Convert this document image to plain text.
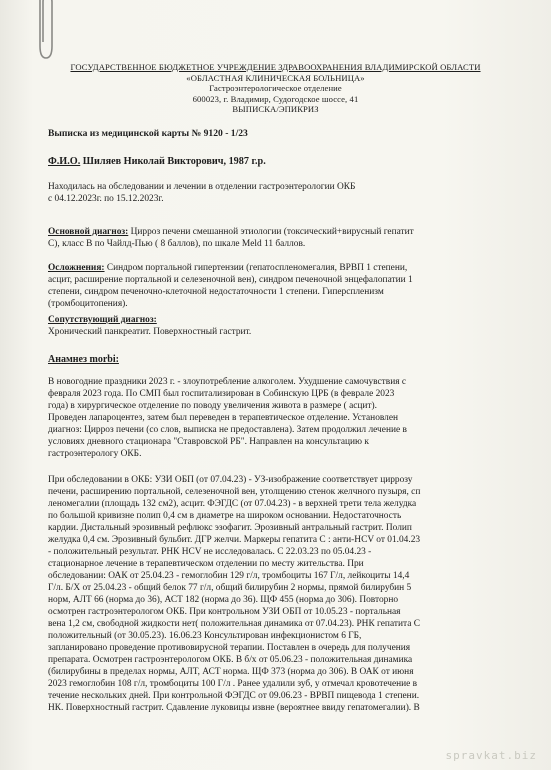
ГОСУДАРСТВЕННОЕ БЮДЖЕТНОЕ УЧРЕЖДЕНИЕ ЗДРАВООХРАНЕНИЯ ВЛАДИМИРСКОЙ ОБЛАСТИ
«ОБЛАСТНАЯ КЛИНИЧЕСКАЯ БОЛЬНИЦА»
Гастроэнтерологическое отделение
600023, г. Владимир, Судогодское шоссе, 41
ВЫПИСКА/ЭПИКРИЗ
Выписка из медицинской карты № 9120 - 1/23
Ф.И.О. Шиляев Николай Викторович, 1987 г.р.
Находилась на обследовании и лечении в отделении гастроэнтерологии ОКБ
с 04.12.2023г. по 15.12.2023г.
Основной диагноз: Цирроз печени смешанной этиологии (токсический+вирусный гепатит
С), класс В по Чайлд-Пью ( 8 баллов), по шкале Meld 11 баллов.
Осложнения: Синдром портальной гипертензии (гепатоспленомегалия, ВРВП 1 степени,
асцит, расширение портальной и селезеночной вен), синдром печеночной энцефалопатии 1
степени, синдром печеночно-клеточной недостаточности 1 степени. Гиперспленизм
(тромбоцитопения).
Сопутствующий диагноз:
Хронический панкреатит. Поверхностный гастрит.
Анамнез morbi:
В новогодние праздники 2023 г. - злоупотребление алкоголем. Ухудшение самочувствия с
февраля 2023 года. По СМП был госпитализирован в Собинскую ЦРБ (в феврале 2023
года) в хирургическое отделение по поводу увеличения живота в размере ( асцит).
Проведен лапароцентез, затем был переведен в терапевтическое отделение. Установлен
диагноз: Цирроз печени (со слов, выписка не предоставлена). Затем продолжил лечение в
условиях дневного стационара "Ставровской РБ". Направлен на консультацию к
гастроэнтерологу ОКБ.
При обследовании в ОКБ: УЗИ ОБП (от 07.04.23) - УЗ-изображение соответствует циррозу
печени, расширению портальной, селезеночной вен, утолщению стенок желчного пузыря, сп
леномегалии (площадь 132 см2), асцит. ФЭГДС (от 07.04.23) - в верхней трети тела желудка
по большой кривизне полип 0,4 см в диаметре на широком основании. Недостаточность
кардии. Дистальный эрозивный рефлюкс эзофагит. Эрозивный антральный гастрит. Полип
желудка 0,4 см. Эрозивный бульбит. ДГР желчи. Маркеры гепатита С : анти-HCV от 01.04.23
- положительный результат. РНК HCV не исследовалась. С 22.03.23 по 05.04.23 -
стационарное лечение в терапевтическом отделении по месту жительства. При
обследовании: ОАК от 25.04.23 - гемоглобин 129 г/л, тромбоциты 167 Г/л, лейкоциты 14,4
Г/л. Б/Х от 25.04.23 - общий белок 77 г/л, общий билирубин 2 нормы, прямой билирубин 5
норм, АЛТ 66 (норма до 36), АСТ 182 (норма до 36). ЩФ 455 (норма до 306). Повторно
осмотрен гастроэнтерологом ОКБ. При контрольном УЗИ ОБП от 10.05.23 - портальная
вена 1,2 см, свободной жидкости нет( положительная динамика от 07.04.23). РНК гепатита С
положительный (от 30.05.23). 16.06.23 Консультирован инфекционистом 6 ГБ,
запланировано проведение противовирусной терапии. Поставлен в очередь для получения
препарата. Осмотрен гастроэнтерологом ОКБ. В б/х от 05.06.23 - положительная динамика
(билирубины в пределах нормы, АЛТ, АСТ норма. ЩФ 373 (норма до 306). В ОАК от июня
2023 гемоглобин 108 г/л, тромбоциты 100 Г/л . Ранее удалили зуб, у отмечал кровотечение в
течение нескольких дней. При контрольной ФЭГДС от 09.06.23 - ВРВП пищевода 1 степени.
НК. Поверхностный гастрит. Сдавление луковицы извне (вероятнее ввиду гепатомегалии). В
spravkat.biz
